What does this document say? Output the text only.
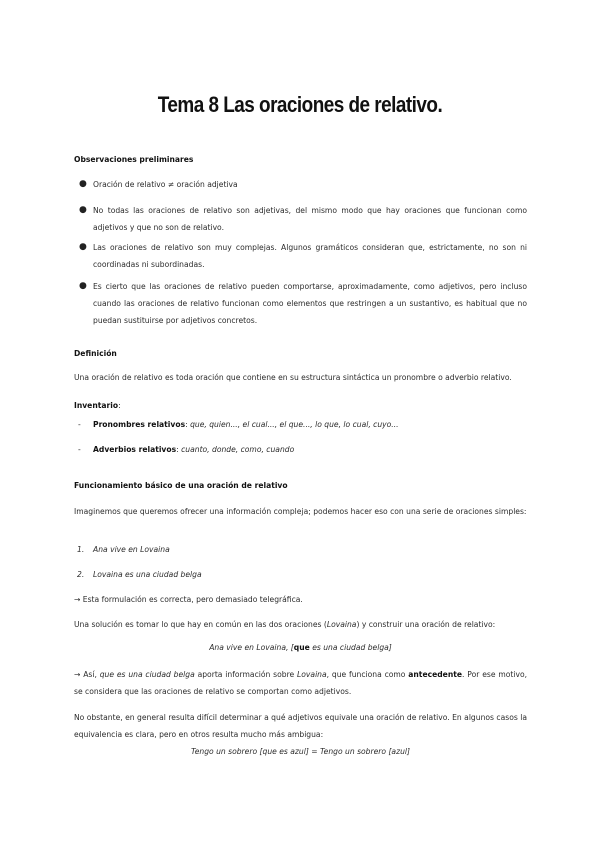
Tema 8 Las oraciones de relativo.
Observaciones preliminares
● Oración de relativo ≠ oración adjetiva
● No todas las oraciones de relativo son adjetivas, del mismo modo que hay oraciones que funcionan como adjetivos y que no son de relativo.
● Las oraciones de relativo son muy complejas. Algunos gramáticos consideran que, estrictamente, no son ni coordinadas ni subordinadas.
● Es cierto que las oraciones de relativo pueden comportarse, aproximadamente, como adjetivos, pero incluso cuando las oraciones de relativo funcionan como elementos que restringen a un sustantivo, es habitual que no puedan sustituirse por adjetivos concretos.
Definición
Una oración de relativo es toda oración que contiene en su estructura sintáctica un pronombre o adverbio relativo.
Inventario:
- Pronombres relativos: que, quien..., el cual..., el que..., lo que, lo cual, cuyo...
- Adverbios relativos: cuanto, donde, como, cuando
Funcionamiento básico de una oración de relativo
Imaginemos que queremos ofrecer una información compleja; podemos hacer eso con una serie de oraciones simples:
1. Ana vive en Lovaina
2. Lovaina es una ciudad belga
→ Esta formulación es correcta, pero demasiado telegráfica.
Una solución es tomar lo que hay en común en las dos oraciones (Lovaina) y construir una oración de relativo:
Ana vive en Lovaina, [que es una ciudad belga]
→ Así, que es una ciudad belga aporta información sobre Lovaina, que funciona como antecedente. Por ese motivo, se considera que las oraciones de relativo se comportan como adjetivos.
No obstante, en general resulta difícil determinar a qué adjetivos equivale una oración de relativo. En algunos casos la equivalencia es clara, pero en otros resulta mucho más ambigua:
Tengo un sobrero [que es azul] = Tengo un sobrero [azul]
